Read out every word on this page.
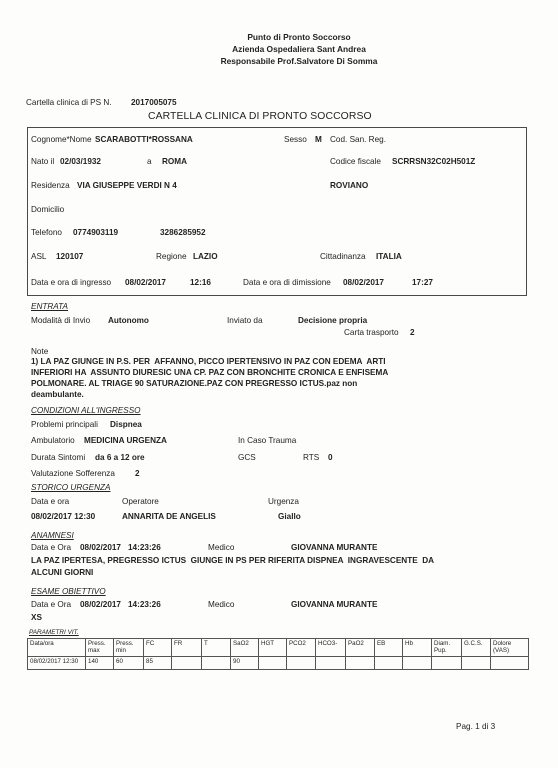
Punto di Pronto Soccorso
Azienda Ospedaliera Sant Andrea
Responsabile Prof.Salvatore Di Somma
Cartella clinica di PS N. 2017005075
CARTELLA CLINICA DI PRONTO SOCCORSO
Cognome*Nome SCARABOTTI*ROSSANA	Sesso M Cod. San. Reg.
Nato il 02/03/1932	a ROMA	Codice fiscale SCRRSN32C02H501Z
Residenza VIA GIUSEPPE VERDI N 4	ROVIANO
Domicilio
Telefono 0774903119	3286285952
ASL 120107	Regione LAZIO	Cittadinanza ITALIA
Data e ora di ingresso 08/02/2017	12:16	Data e ora di dimissione 08/02/2017	17:27
ENTRATA
Modalità di Invio Autonomo	Inviato da	Decisione propria
Carta trasporto 2
Note
1) LA PAZ GIUNGE IN P.S. PER  AFFANNO, PICCO IPERTENSIVO IN PAZ CON EDEMA  ARTI
INFERIORI HA  ASSUNTO DIURESIC UNA CP. PAZ CON BRONCHITE CRONICA E ENFISEMA
POLMONARE. AL TRIAGE 90 SATURAZIONE.PAZ CON PREGRESSO ICTUS.paz non
deambulante.
CONDIZIONI ALL'INGRESSO
Problemi principali Dispnea
Ambulatorio MEDICINA URGENZA	In Caso Trauma
Durata Sintomi da 6 a 12 ore	GCS	RTS 0
Valutazione Sofferenza 2
STORICO URGENZA
Data e ora	Operatore	Urgenza
08/02/2017 12:30	ANNARITA DE ANGELIS	Giallo
ANAMNESI
Data e Ora 08/02/2017 14:23:26	Medico	GIOVANNA MURANTE
LA PAZ IPERTESA, PREGRESSO ICTUS  GIUNGE IN PS PER RIFERITA DISPNEA  INGRAVESCENTE  DA
ALCUNI GIORNI
ESAME OBIETTIVO
Data e Ora 08/02/2017 14:23:26	Medico	GIOVANNA MURANTE
XS
PARAMETRI VIT.
Data/ora	Press. max	Press. min	FC	FR	T	SaO2	HGT	PCO2	HCO3-	PaO2	EB	Hb	Diam. Pup.	G.C.S.	Dolore (VAS)
08/02/2017 12:30	140	60	85			90									
Pag. 1 di 3
